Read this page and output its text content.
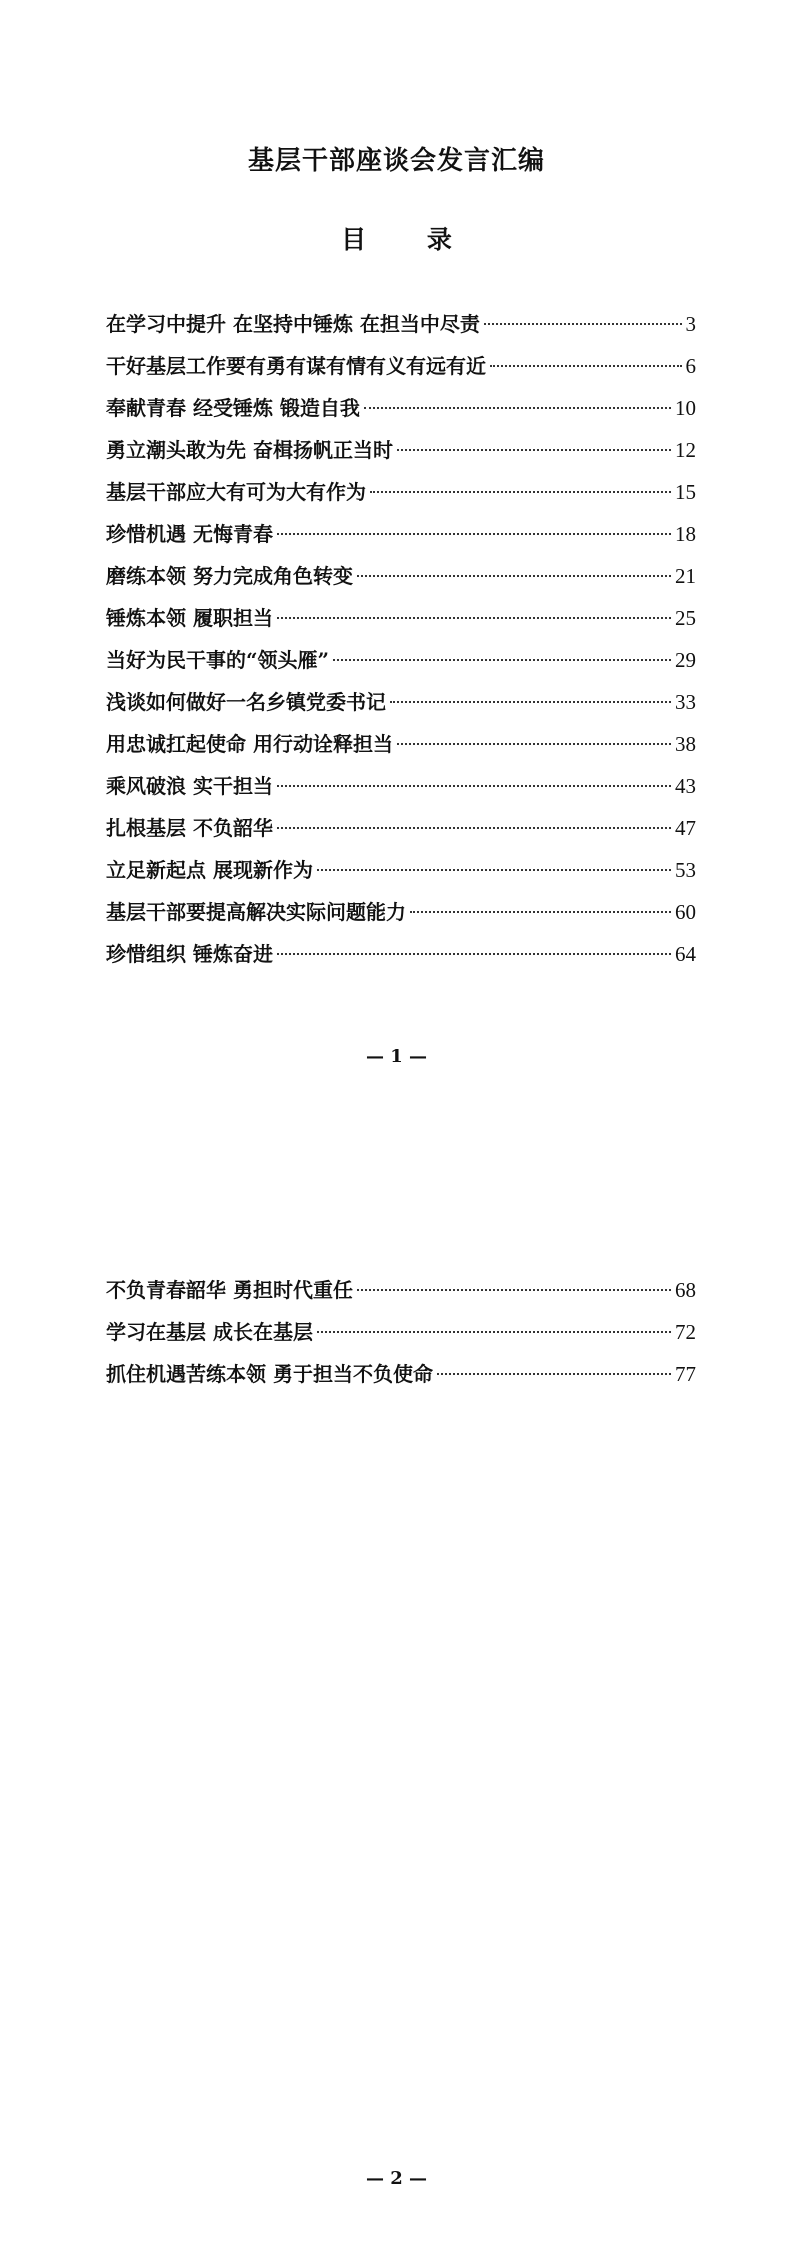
基层干部座谈会发言汇编
目 录
在学习中提升 在坚持中锤炼 在担当中尽责	3
干好基层工作要有勇有谋有情有义有远有近	6
奉献青春 经受锤炼 锻造自我	10
勇立潮头敢为先 奋楫扬帆正当时	12
基层干部应大有可为大有作为	15
珍惜机遇 无悔青春	18
磨练本领 努力完成角色转变	21
锤炼本领 履职担当	25
当好为民干事的“领头雁”	29
浅谈如何做好一名乡镇党委书记	33
用忠诚扛起使命 用行动诠释担当	38
乘风破浪 实干担当	43
扎根基层 不负韶华	47
立足新起点 展现新作为	53
基层干部要提高解决实际问题能力	60
珍惜组织 锤炼奋进	64
— 1 —
不负青春韶华 勇担时代重任	68
学习在基层 成长在基层	72
抓住机遇苦练本领 勇于担当不负使命	77
— 2 —
